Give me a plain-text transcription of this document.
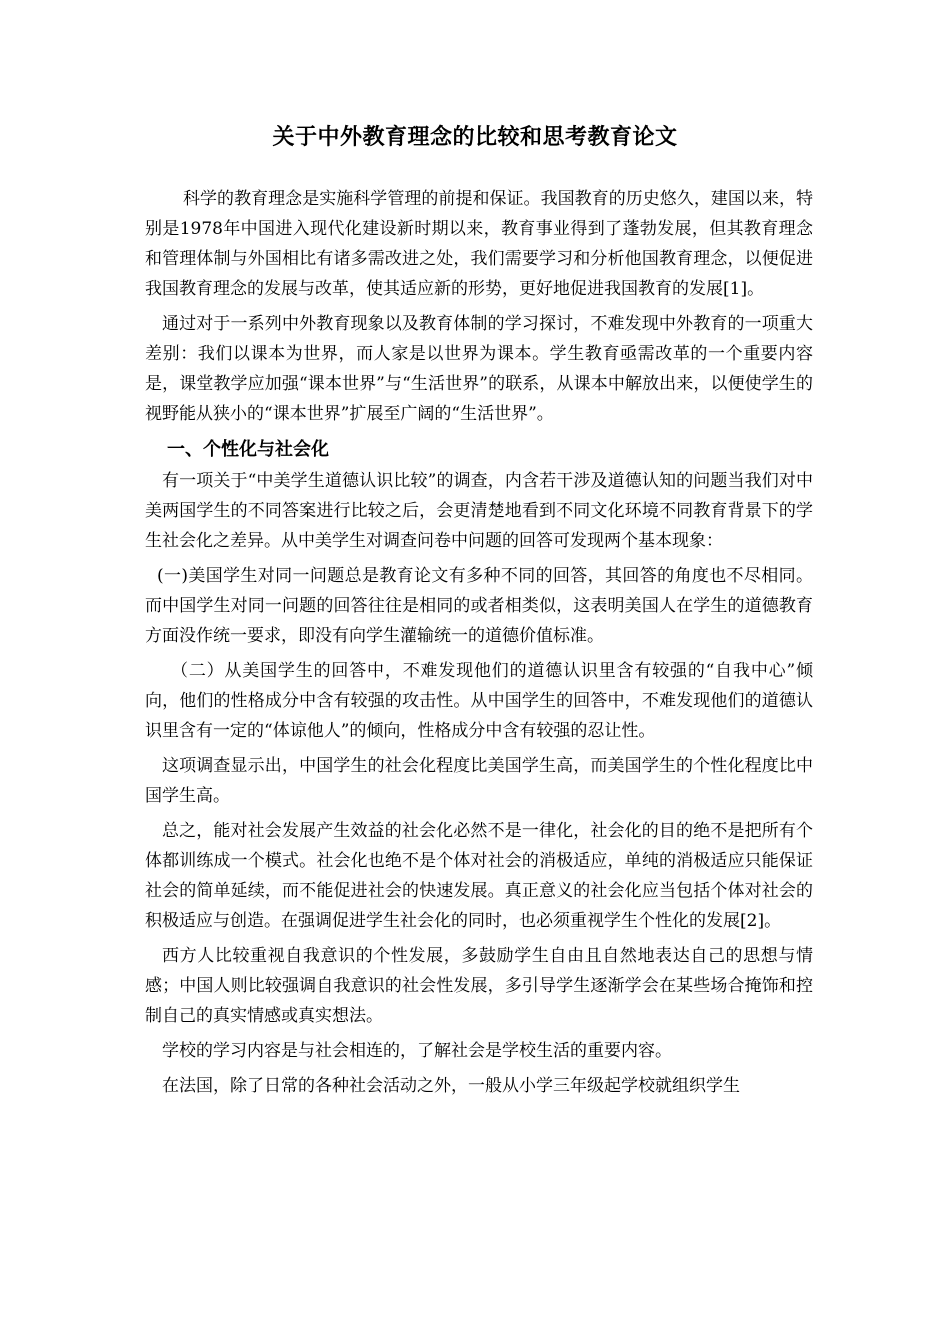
关于中外教育理念的比较和思考教育论文

科学的教育理念是实施科学管理的前提和保证。我国教育的历史悠久，建国以来，特别是1978年中国进入现代化建设新时期以来，教育事业得到了蓬勃发展，但其教育理念和管理体制与外国相比有诸多需改进之处，我们需要学习和分析他国教育理念，以便促进我国教育理念的发展与改革，使其适应新的形势，更好地促进我国教育的发展[1]。

通过对于一系列中外教育现象以及教育体制的学习探讨，不难发现中外教育的一项重大差别：我们以课本为世界，而人家是以世界为课本。学生教育亟需改革的一个重要内容是，课堂教学应加强“课本世界”与“生活世界”的联系，从课本中解放出来，以便使学生的视野能从狭小的“课本世界”扩展至广阔的“生活世界”。

一、个性化与社会化

有一项关于“中美学生道德认识比较”的调查，内含若干涉及道德认知的问题当我们对中美两国学生的不同答案进行比较之后，会更清楚地看到不同文化环境不同教育背景下的学生社会化之差异。从中美学生对调查问卷中问题的回答可发现两个基本现象：

(一)美国学生对同一问题总是教育论文有多种不同的回答，其回答的角度也不尽相同。而中国学生对同一问题的回答往往是相同的或者相类似，这表明美国人在学生的道德教育方面没作统一要求，即没有向学生灌输统一的道德价值标准。

（二）从美国学生的回答中，不难发现他们的道德认识里含有较强的“自我中心”倾向，他们的性格成分中含有较强的攻击性。从中国学生的回答中，不难发现他们的道德认识里含有一定的“体谅他人”的倾向，性格成分中含有较强的忍让性。

这项调查显示出，中国学生的社会化程度比美国学生高，而美国学生的个性化程度比中国学生高。

总之，能对社会发展产生效益的社会化必然不是一律化，社会化的目的绝不是把所有个体都训练成一个模式。社会化也绝不是个体对社会的消极适应，单纯的消极适应只能保证社会的简单延续，而不能促进社会的快速发展。真正意义的社会化应当包括个体对社会的积极适应与创造。在强调促进学生社会化的同时，也必须重视学生个性化的发展[2]。

西方人比较重视自我意识的个性发展，多鼓励学生自由且自然地表达自己的思想与情感；中国人则比较强调自我意识的社会性发展，多引导学生逐渐学会在某些场合掩饰和控制自己的真实情感或真实想法。

学校的学习内容是与社会相连的，了解社会是学校生活的重要内容。

在法国，除了日常的各种社会活动之外，一般从小学三年级起学校就组织学生
